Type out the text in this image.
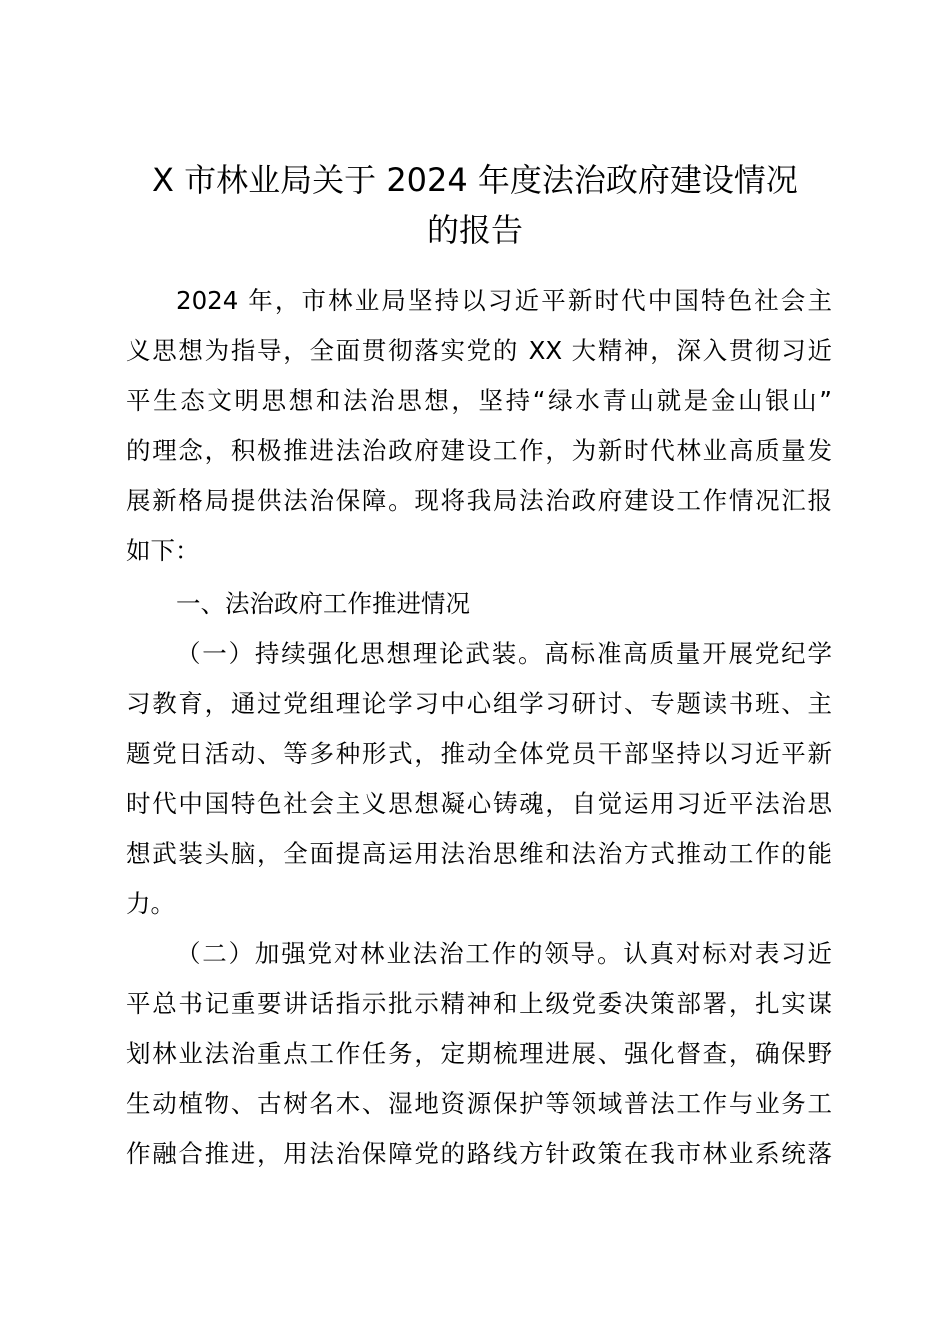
X 市林业局关于 2024 年度法治政府建设情况
的报告

2024 年，市林业局坚持以习近平新时代中国特色社会主

义思想为指导，全面贯彻落实党的 XX 大精神，深入贯彻习近

平生态文明思想和法治思想，坚持“绿水青山就是金山银山”

的理念，积极推进法治政府建设工作，为新时代林业高质量发

展新格局提供法治保障。现将我局法治政府建设工作情况汇报

如下：

一、法治政府工作推进情况

（一）持续强化思想理论武装。高标准高质量开展党纪学

习教育，通过党组理论学习中心组学习研讨、专题读书班、主

题党日活动、等多种形式，推动全体党员干部坚持以习近平新

时代中国特色社会主义思想凝心铸魂，自觉运用习近平法治思

想武装头脑，全面提高运用法治思维和法治方式推动工作的能

力。

（二）加强党对林业法治工作的领导。认真对标对表习近

平总书记重要讲话指示批示精神和上级党委决策部署，扎实谋

划林业法治重点工作任务，定期梳理进展、强化督查，确保野

生动植物、古树名木、湿地资源保护等领域普法工作与业务工

作融合推进，用法治保障党的路线方针政策在我市林业系统落
